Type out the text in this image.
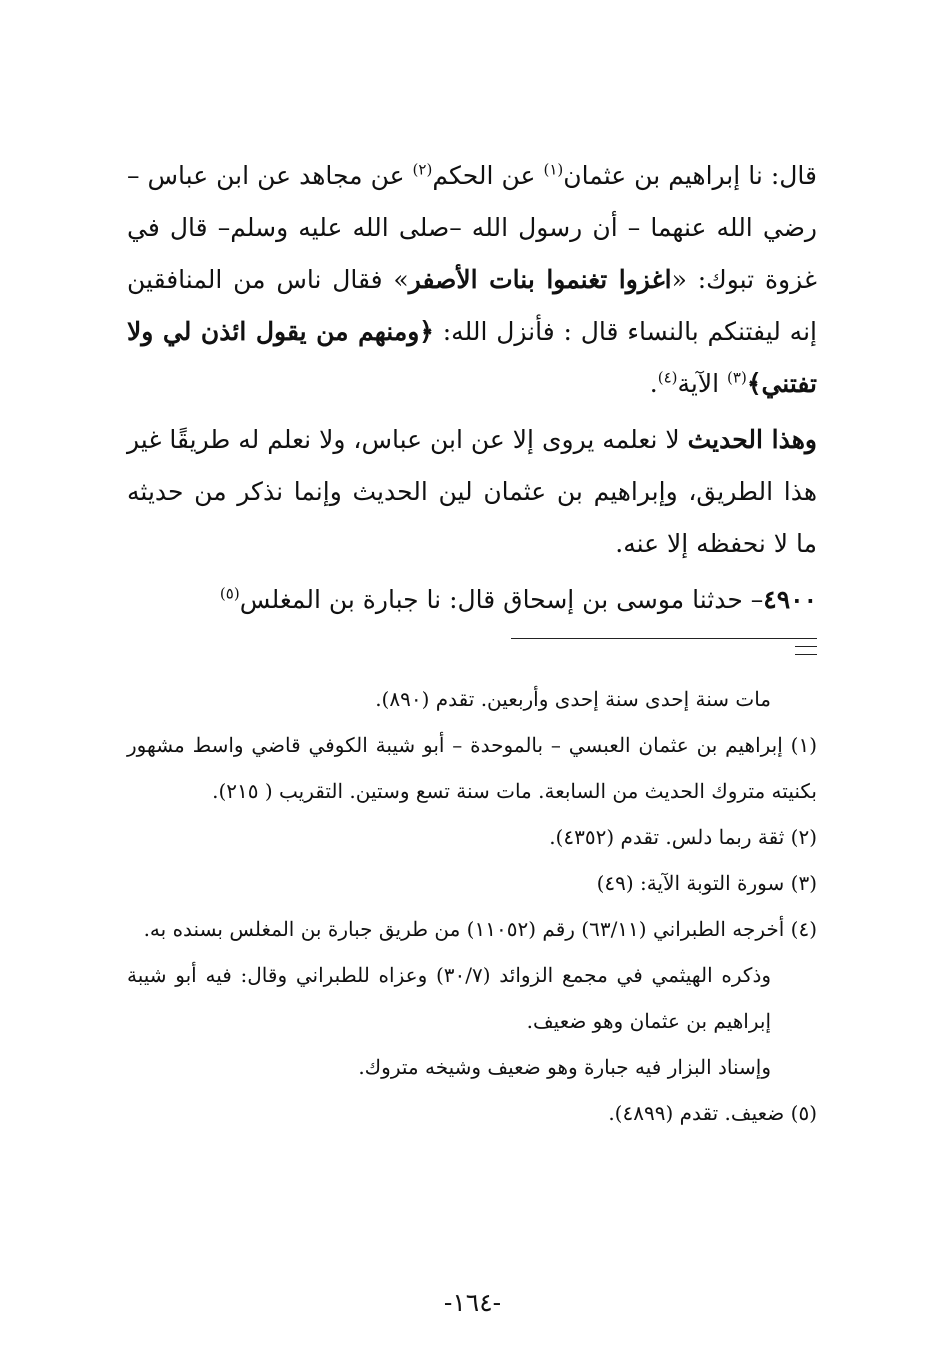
قال: نا إبراهيم بن عثمان$^{(١)}$ عن الحكم$^{(٢)}$ عن مجاهد عن ابن عباس – رضي الله عنهما – أن رسول الله –صلى الله عليه وسلم– قال في غزوة تبوك: «اغزوا تغنموا بنات الأصفر» فقال ناس من المنافقين إنه ليفتنكم بالنساء قال : فأنزل الله: ﴿ومنهم من يقول ائذن لي ولا تفتني﴾$^{(٣)}$ الآية$^{(٤)}$.

وهذا الحديث لا نعلمه يروى إلا عن ابن عباس، ولا نعلم له طريقًا غير هذا الطريق، وإبراهيم بن عثمان لين الحديث وإنما نذكر من حديثه ما لا نحفظه إلا عنه.

٤٩٠٠– حدثنا موسى بن إسحاق قال: نا جبارة بن المغلس$^{(٥)}$

مات سنة إحدى سنة إحدى وأربعين. تقدم (٨٩٠).

(١) إبراهيم بن عثمان العبسي – بالموحدة – أبو شيبة الكوفي قاضي واسط مشهور بكنيته متروك الحديث من السابعة. مات سنة تسع وستين. التقريب ( ٢١٥).

(٢) ثقة ربما دلس. تقدم (٤٣٥٢).

(٣) سورة التوبة الآية: (٤٩)

(٤) أخرجه الطبراني (٦٣/١١) رقم (١١٠٥٢) من طريق جبارة بن المغلس بسنده به.

وذكره الهيثمي في مجمع الزوائد (٣٠/٧) وعزاه للطبراني وقال: فيه أبو شيبة إبراهيم بن عثمان وهو ضعيف.

وإسناد البزار فيه جبارة وهو ضعيف وشيخه متروك.

(٥) ضعيف. تقدم (٤٨٩٩).

-١٦٤-
